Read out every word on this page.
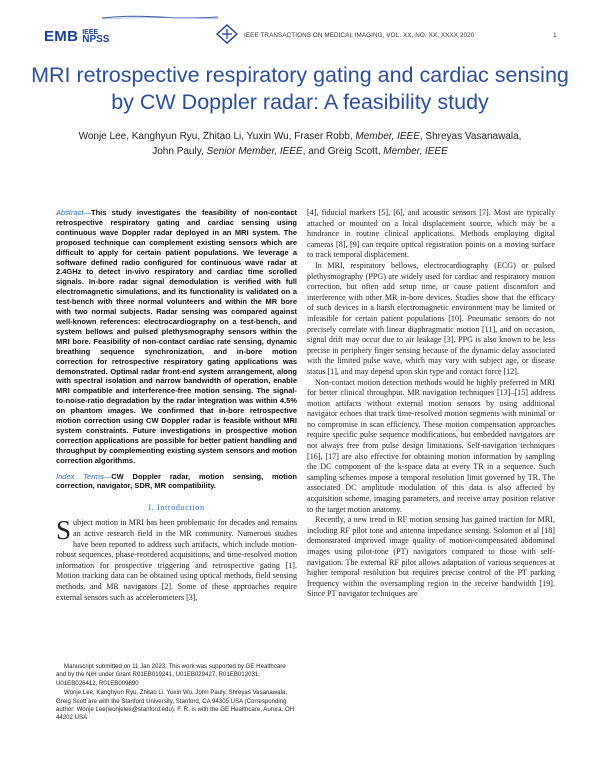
EMB IEEE
NPSS	IEEE TRANSACTIONS ON MEDICAL IMAGING, VOL. XX, NO. XX, XXXX 2020	1
MRI retrospective respiratory gating and cardiac sensing by CW Doppler radar: A feasibility study
Wonje Lee, Kanghyun Ryu, Zhitao Li, Yuxin Wu, Fraser Robb, Member, IEEE, Shreyas Vasanawala,
John Pauly, Senior Member, IEEE, and Greig Scott, Member, IEEE
Abstract—This study investigates the feasibility of non-contact retrospective respiratory gating and cardiac sensing using continuous wave Doppler radar deployed in an MRI system. The proposed technique can complement existing sensors which are difficult to apply for certain patient populations. We leverage a software defined radio configured for continuous wave radar at 2.4GHz to detect in-vivo respiratory and cardiac time scrolled signals. In-bore radar signal demodulation is verified with full electromagnetic simulations, and its functionality is validated on a test-bench with three normal volunteers and within the MR bore with two normal subjects. Radar sensing was compared against well-known references: electrocardiography on a test-bench, and system bellows and pulsed plethysmography sensors within the MRI bore. Feasibility of non-contact cardiac rate sensing, dynamic breathing sequence synchronization, and in-bore motion correction for retrospective respiratory gating applications was demonstrated. Optimal radar front-end system arrangement, along with spectral isolation and narrow bandwidth of operation, enable MRI compatible and interference-free motion sensing. The signal-to-noise-ratio degradation by the radar integration was within 4.5% on phantom images. We confirmed that in-bore retrospective motion correction using CW Doppler radar is feasible without MRI system constraints. Future investigations in prospective motion correction applications are possible for better patient handling and throughput by complementing existing system sensors and motion correction algorithms.
Index Terms—CW Doppler radar, motion sensing, motion correction, navigator, SDR, MR compatibility.
I. Introduction
Subject motion in MRI has been problematic for decades and remains an active research field in the MR community. Numerous studies have been reported to address such artifacts, which include motion-robust sequences, phase-reordered acquisitions, and time-resolved motion information for prospective triggering and retrospective gating [1]. Motion tracking data can be obtained using optical methods, field sensing methods, and MR navigators [2]. Some of these approaches require external sensors such as accelerometers [3],

Manuscript submitted on 11 Jan 2023. This work was supported by GE Healthcare and by the NIH under Grant R01EB019241, U01EB029427, R01EB012031, U01EB026412, R01EB009690

Wonje Lee, Kanghyun Ryu, Zhitao Li, Yuxin Wu, John Pauly, Shreyas Vasanawala, Greig Scott are with the Stanford University, Stanford, CA 94305 USA (Corresponding author: Wonje Lee(wonjelee@stanford.edu). F. R. is with the GE Healthcare, Aurora, OH 44202 USA

[4], fiducial markers [5], [6], and acoustic sensors [7]. Most are typically attached or mounted on a local displacement source, which may be a hindrance in routine clinical applications. Methods employing digital cameras [8], [9] can require optical registration points on a moving surface to track temporal displacement.

In MRI, respiratory bellows, electrocardiography (ECG) or pulsed plethysmography (PPG) are widely used for cardiac and respiratory motion correction, but often add setup time, or cause patient discomfort and interference with other MR in-bore devices. Studies show that the efficacy of such devices in a harsh electromagnetic environment may be limited or infeasible for certain patient populations [10]. Pneumatic sensors do not precisely correlate with linear diaphragmatic motion [11], and on occasion, signal drift may occur due to air leakage [3]. PPG is also known to be less precise in periphery finger sensing because of the dynamic delay associated with the limited pulse wave, which may vary with subject age, or disease status [1], and may depend upon skin type and contact force [12].

Non-contact motion detection methods would be highly preferred in MRI for better clinical throughput. MR navigation techniques [13]–[15] address motion artifacts without external motion sensors by using additional navigator echoes that track time-resolved motion segments with minimal or no compromise in scan efficiency. These motion compensation approaches require specific pulse sequence modifications, but embedded navigators are not always free from pulse design limitations. Self-navigation techniques [16], [17] are also effective for obtaining motion information by sampling the DC component of the k-space data at every TR in a sequence. Such sampling schemes impose a temporal resolution limit governed by TR. The associated DC amplitude modulation of this data is also affected by acquisition scheme, imaging parameters, and receive array position relative to the target motion anatomy.

Recently, a new trend in RF motion sensing has gained traction for MRI, including RF pilot tone and antenna impedance sensing. Solomon et al [18] demonstrated improved image quality of motion-compensated abdominal images using pilot-tone (PT) navigators compared to those with self-navigation. The external RF pilot allows adaptation of various sequences at higher temporal resolution but requires precise control of the PT parking frequency within the oversampling region in the receive bandwidth [19]. Since PT navigator techniques are
